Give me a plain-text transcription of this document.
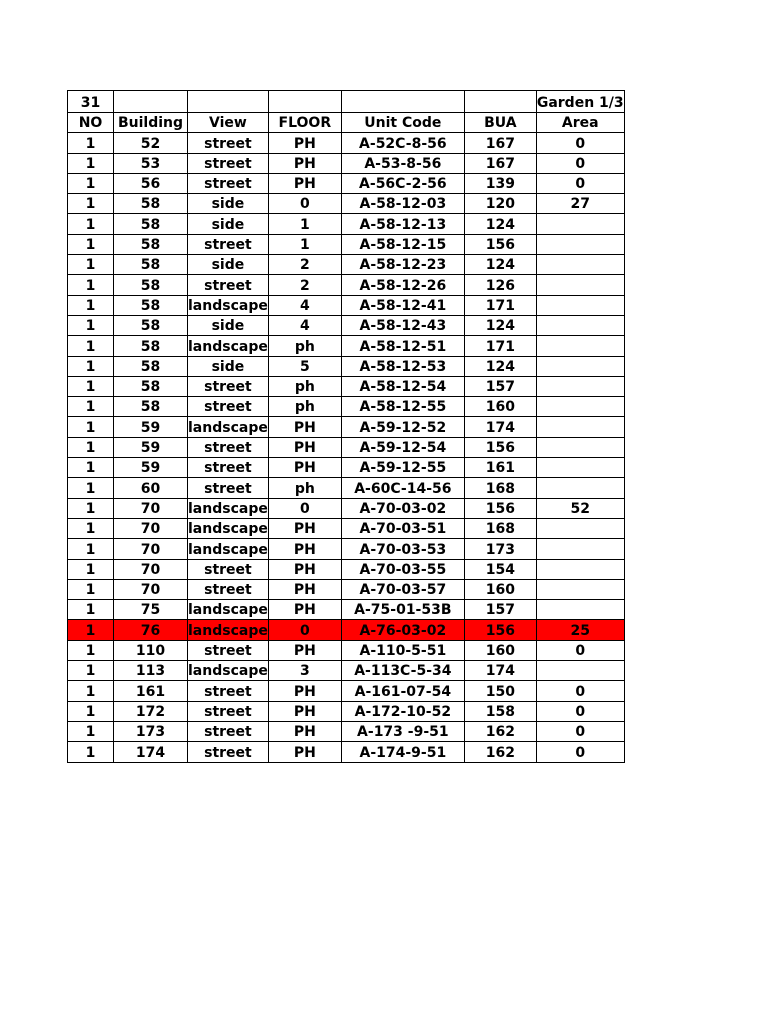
31						Garden 1/3
NO	Building	View	FLOOR	Unit Code	BUA	Area
1	52	street	PH	A-52C-8-56	167	0
1	53	street	PH	A-53-8-56	167	0
1	56	street	PH	A-56C-2-56	139	0
1	58	side	0	A-58-12-03	120	27
1	58	side	1	A-58-12-13	124	
1	58	street	1	A-58-12-15	156	
1	58	side	2	A-58-12-23	124	
1	58	street	2	A-58-12-26	126	
1	58	landscape	4	A-58-12-41	171	
1	58	side	4	A-58-12-43	124	
1	58	landscape	ph	A-58-12-51	171	
1	58	side	5	A-58-12-53	124	
1	58	street	ph	A-58-12-54	157	
1	58	street	ph	A-58-12-55	160	
1	59	landscape	PH	A-59-12-52	174	
1	59	street	PH	A-59-12-54	156	
1	59	street	PH	A-59-12-55	161	
1	60	street	ph	A-60C-14-56	168	
1	70	landscape	0	A-70-03-02	156	52
1	70	landscape	PH	A-70-03-51	168	
1	70	landscape	PH	A-70-03-53	173	
1	70	street	PH	A-70-03-55	154	
1	70	street	PH	A-70-03-57	160	
1	75	landscape	PH	A-75-01-53B	157	
1	76	landscape	0	A-76-03-02	156	25
1	110	street	PH	A-110-5-51	160	0
1	113	landscape	3	A-113C-5-34	174	
1	161	street	PH	A-161-07-54	150	0
1	172	street	PH	A-172-10-52	158	0
1	173	street	PH	A-173 -9-51	162	0
1	174	street	PH	A-174-9-51	162	0
